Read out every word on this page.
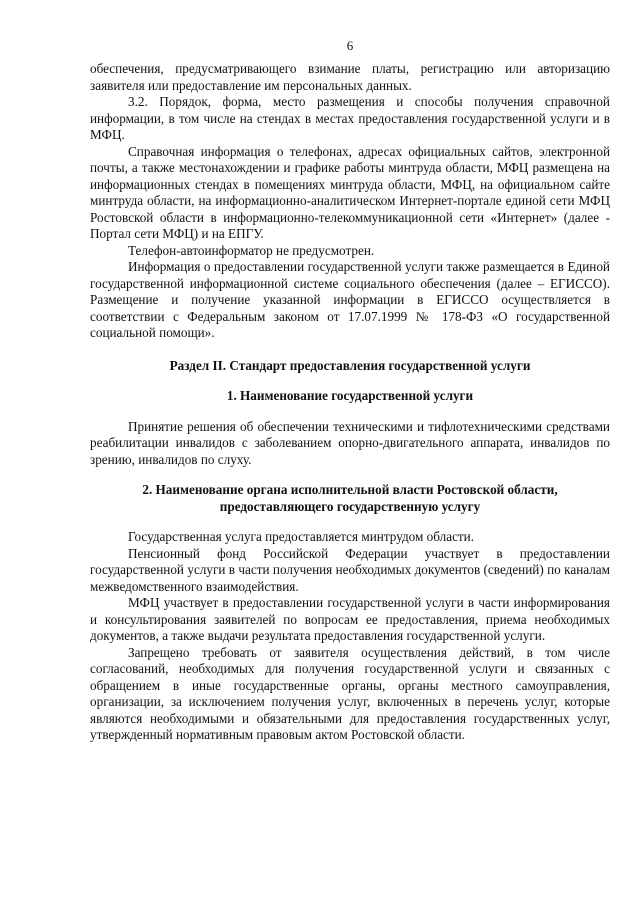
6

обеспечения, предусматривающего взимание платы, регистрацию или авторизацию заявителя или предоставление им персональных данных.

3.2. Порядок, форма, место размещения и способы получения справочной информации, в том числе на стендах в местах предоставления государственной услуги и в МФЦ.

Справочная информация о телефонах, адресах официальных сайтов, электронной почты, а также местонахождении и графике работы минтруда области, МФЦ размещена на информационных стендах в помещениях минтруда области, МФЦ, на официальном сайте минтруда области, на информационно-аналитическом Интернет-портале единой сети МФЦ Ростовской области в информационно-телекоммуникационной сети «Интернет» (далее - Портал сети МФЦ) и на ЕПГУ.

Телефон-автоинформатор не предусмотрен.

Информация о предоставлении государственной услуги также размещается в Единой государственной информационной системе социального обеспечения (далее – ЕГИССО). Размещение и получение указанной информации в ЕГИССО осуществляется в соответствии с Федеральным законом от 17.07.1999 № 178-ФЗ «О государственной социальной помощи».

Раздел II. Стандарт предоставления государственной услуги
1. Наименование государственной услуги

Принятие решения об обеспечении техническими и тифлотехническими средствами реабилитации инвалидов с заболеванием опорно-двигательного аппарата, инвалидов по зрению, инвалидов по слуху.

2. Наименование органа исполнительной власти Ростовской области,
предоставляющего государственную услугу

Государственная услуга предоставляется минтрудом области.

Пенсионный фонд Российской Федерации участвует в предоставлении государственной услуги в части получения необходимых документов (сведений) по каналам межведомственного взаимодействия.

МФЦ участвует в предоставлении государственной услуги в части информирования и консультирования заявителей по вопросам ее предоставления, приема необходимых документов, а также выдачи результата предоставления государственной услуги.

Запрещено требовать от заявителя осуществления действий, в том числе согласований, необходимых для получения государственной услуги и связанных с обращением в иные государственные органы, органы местного самоуправления, организации, за исключением получения услуг, включенных в перечень услуг, которые являются необходимыми и обязательными для предоставления государственных услуг, утвержденный нормативным правовым актом Ростовской области.
